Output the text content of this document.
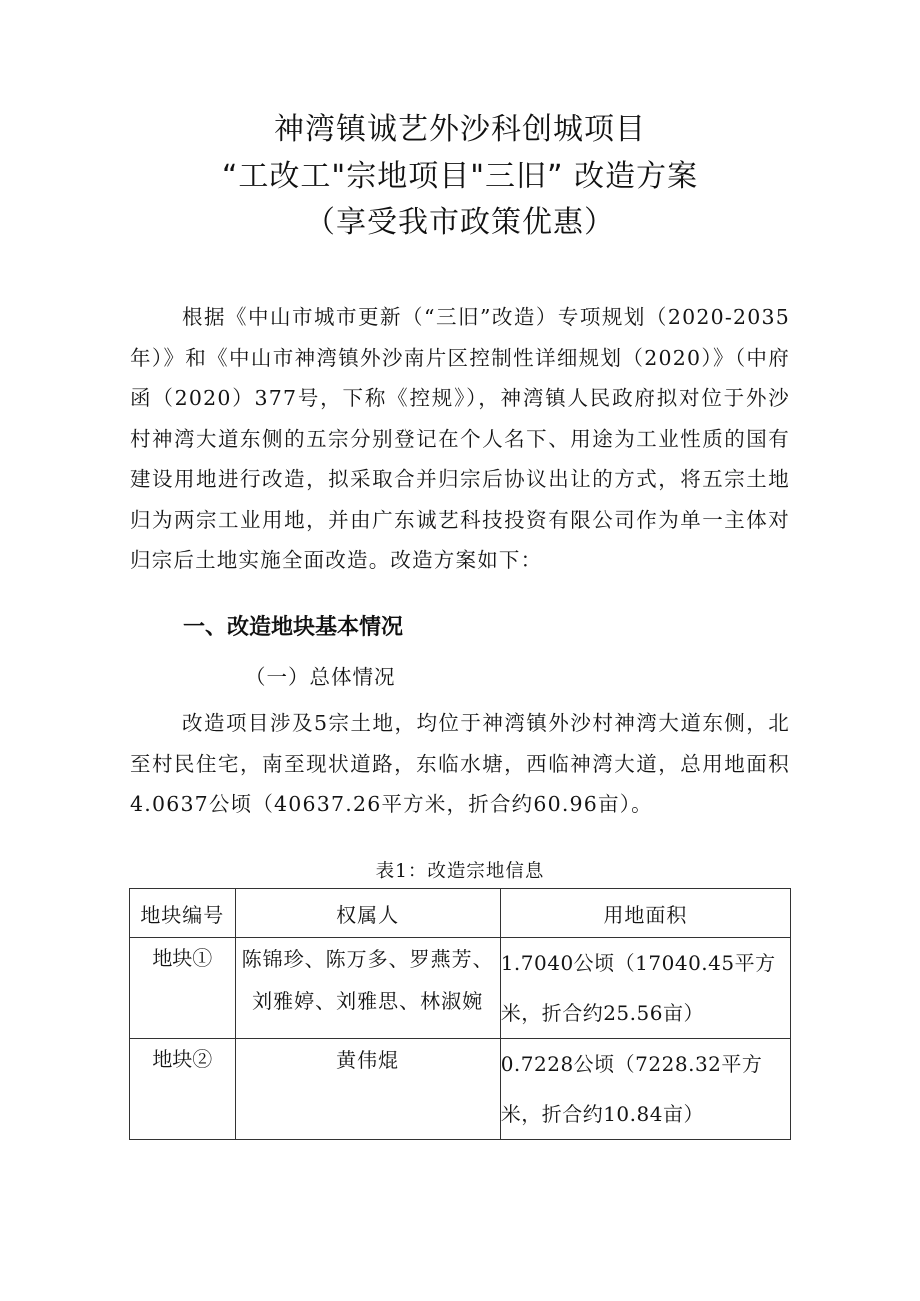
神湾镇诚艺外沙科创城项目
“工改工"宗地项目"三旧” 改造方案
（享受我市政策优惠）

根据《中山市城市更新（“三旧”改造）专项规划（2020-2035年）》和《中山市神湾镇外沙南片区控制性详细规划（2020）》（中府函（2020）377号，下称《控规》），神湾镇人民政府拟对位于外沙村神湾大道东侧的五宗分别登记在个人名下、用途为工业性质的国有建设用地进行改造，拟采取合并归宗后协议出让的方式，将五宗土地归为两宗工业用地，并由广东诚艺科技投资有限公司作为单一主体对归宗后土地实施全面改造。改造方案如下：

一、改造地块基本情况
（一）总体情况

改造项目涉及5宗土地，均位于神湾镇外沙村神湾大道东侧，北至村民住宅，南至现状道路，东临水塘，西临神湾大道，总用地面积4.0637公顷（40637.26平方米，折合约60.96亩）。

表1：改造宗地信息
地块编号	权属人	用地面积
地块①	陈锦珍、陈万多、罗燕芳、刘雅婷、刘雅思、林淑婉	1.7040公顷（17040.45平方米，折合约25.56亩）
地块②	黄伟焜	0.7228公顷（7228.32平方米，折合约10.84亩）
